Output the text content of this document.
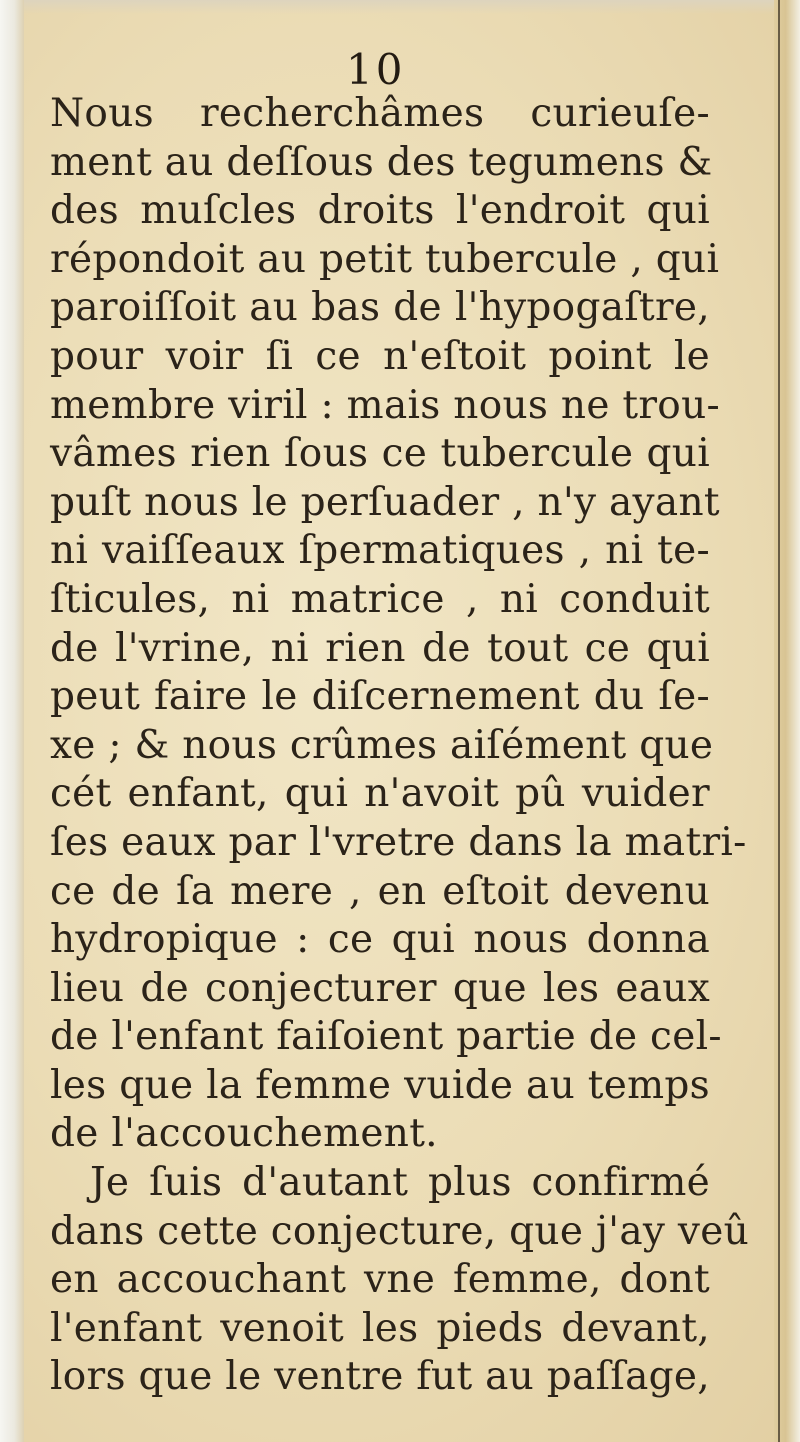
10
Nous recherchâmes curieuſe-
ment au deſſous des tegumens &
des muſcles droits l'endroit qui
répondoit au petit tubercule , qui
paroiſſoit au bas de l'hypogaſtre,
pour voir ſi ce n'eſtoit point le
membre viril : mais nous ne trou-
vâmes rien ſous ce tubercule qui
puſt nous le perſuader , n'y ayant
ni vaiſſeaux ſpermatiques , ni te-
ſticules, ni matrice , ni conduit
de l'vrine, ni rien de tout ce qui
peut faire le diſcernement du ſe-
xe ; & nous crûmes aiſément que
cét enfant, qui n'avoit pû vuider
ſes eaux par l'vretre dans la matri-
ce de ſa mere , en eſtoit devenu
hydropique : ce qui nous donna
lieu de conjecturer que les eaux
de l'enfant faiſoient partie de cel-
les que la femme vuide au temps
de l'accouchement.
Je ſuis d'autant plus confirmé
dans cette conjecture, que j'ay veû
en accouchant vne femme, dont
l'enfant venoit les pieds devant,
lors que le ventre fut au paſſage,
